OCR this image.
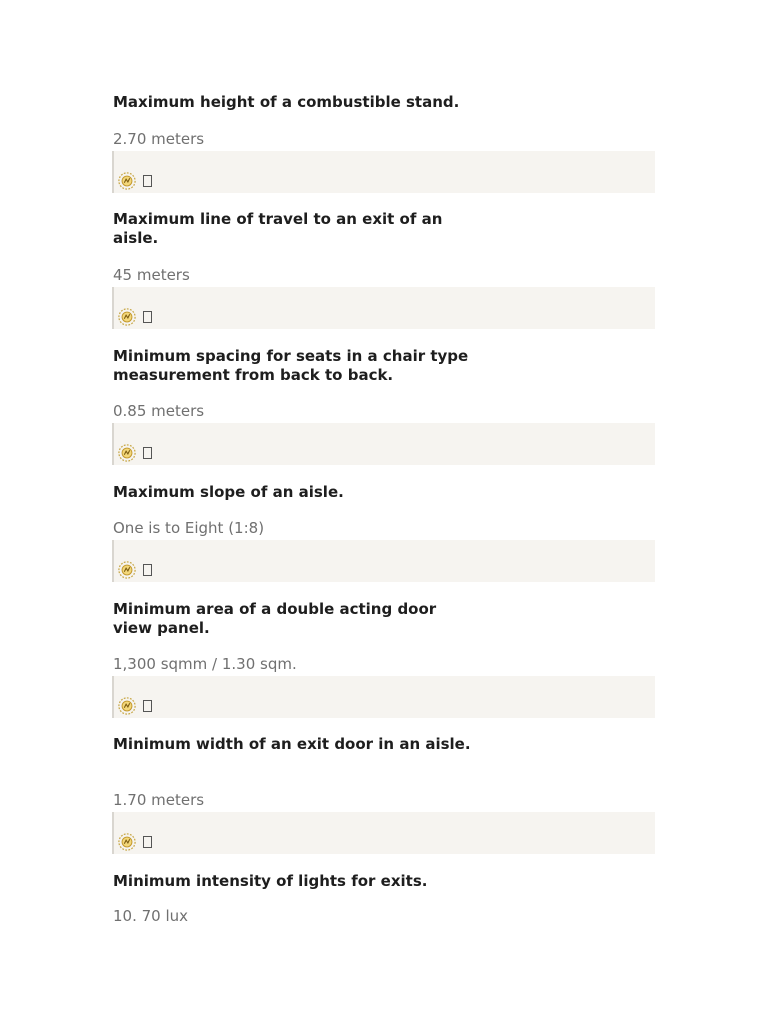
Maximum height of a combustible stand.

2.70 meters

Maximum line of travel to an exit of an aisle.

45 meters

Minimum spacing for seats in a chair type measurement from back to back.

0.85 meters

Maximum slope of an aisle.

One is to Eight (1:8)

Minimum area of a double acting door view panel.

1,300 sqmm / 1.30 sqm.

Minimum width of an exit door in an aisle.

1.70 meters

Minimum intensity of lights for exits.

10. 70 lux
